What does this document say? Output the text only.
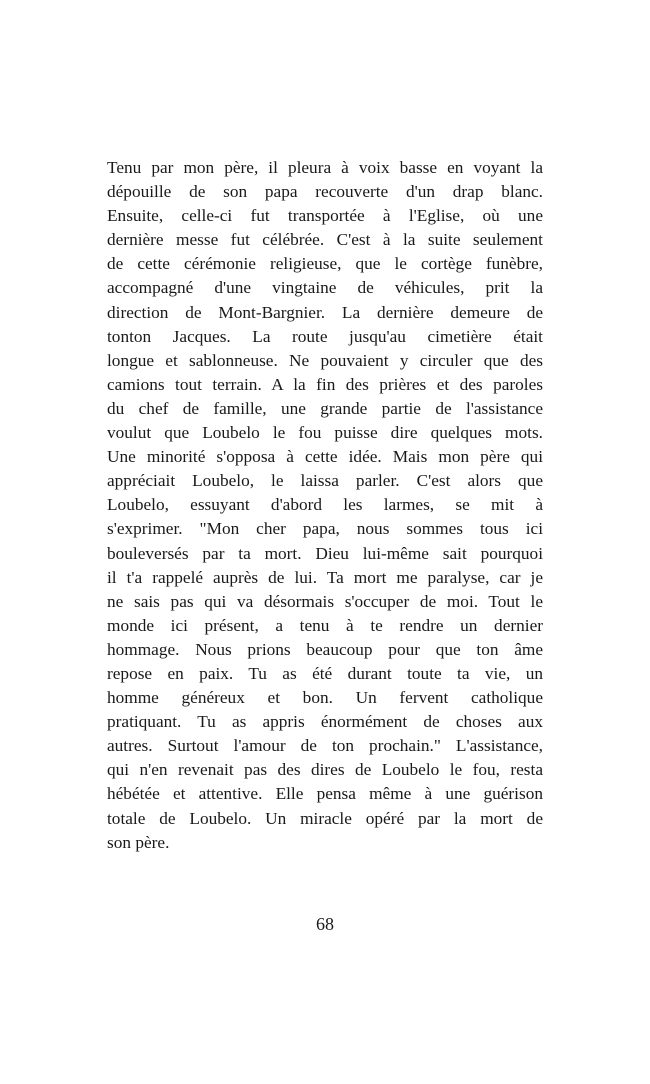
Tenu par mon père, il pleura à voix basse en voyant la
dépouille de son papa recouverte d'un drap blanc.
Ensuite, celle-ci fut transportée à l'Eglise, où une
dernière messe fut célébrée. C'est à la suite seulement
de cette cérémonie religieuse, que le cortège funèbre,
accompagné d'une vingtaine de véhicules, prit la
direction de Mont-Bargnier. La dernière demeure de
tonton Jacques. La route jusqu'au cimetière était
longue et sablonneuse. Ne pouvaient y circuler que des
camions tout terrain. A la fin des prières et des paroles
du chef de famille, une grande partie de l'assistance
voulut que Loubelo le fou puisse dire quelques mots.
Une minorité s'opposa à cette idée. Mais mon père qui
appréciait Loubelo, le laissa parler. C'est alors que
Loubelo, essuyant d'abord les larmes, se mit à
s'exprimer. "Mon cher papa, nous sommes tous ici
bouleversés par ta mort. Dieu lui-même sait pourquoi
il t'a rappelé auprès de lui. Ta mort me paralyse, car je
ne sais pas qui va désormais s'occuper de moi. Tout le
monde ici présent, a tenu à te rendre un dernier
hommage. Nous prions beaucoup pour que ton âme
repose en paix. Tu as été durant toute ta vie, un
homme généreux et bon. Un fervent catholique
pratiquant. Tu as appris énormément de choses aux
autres. Surtout l'amour de ton prochain." L'assistance,
qui n'en revenait pas des dires de Loubelo le fou, resta
hébétée et attentive. Elle pensa même à une guérison
totale de Loubelo. Un miracle opéré par la mort de
son père.

68
